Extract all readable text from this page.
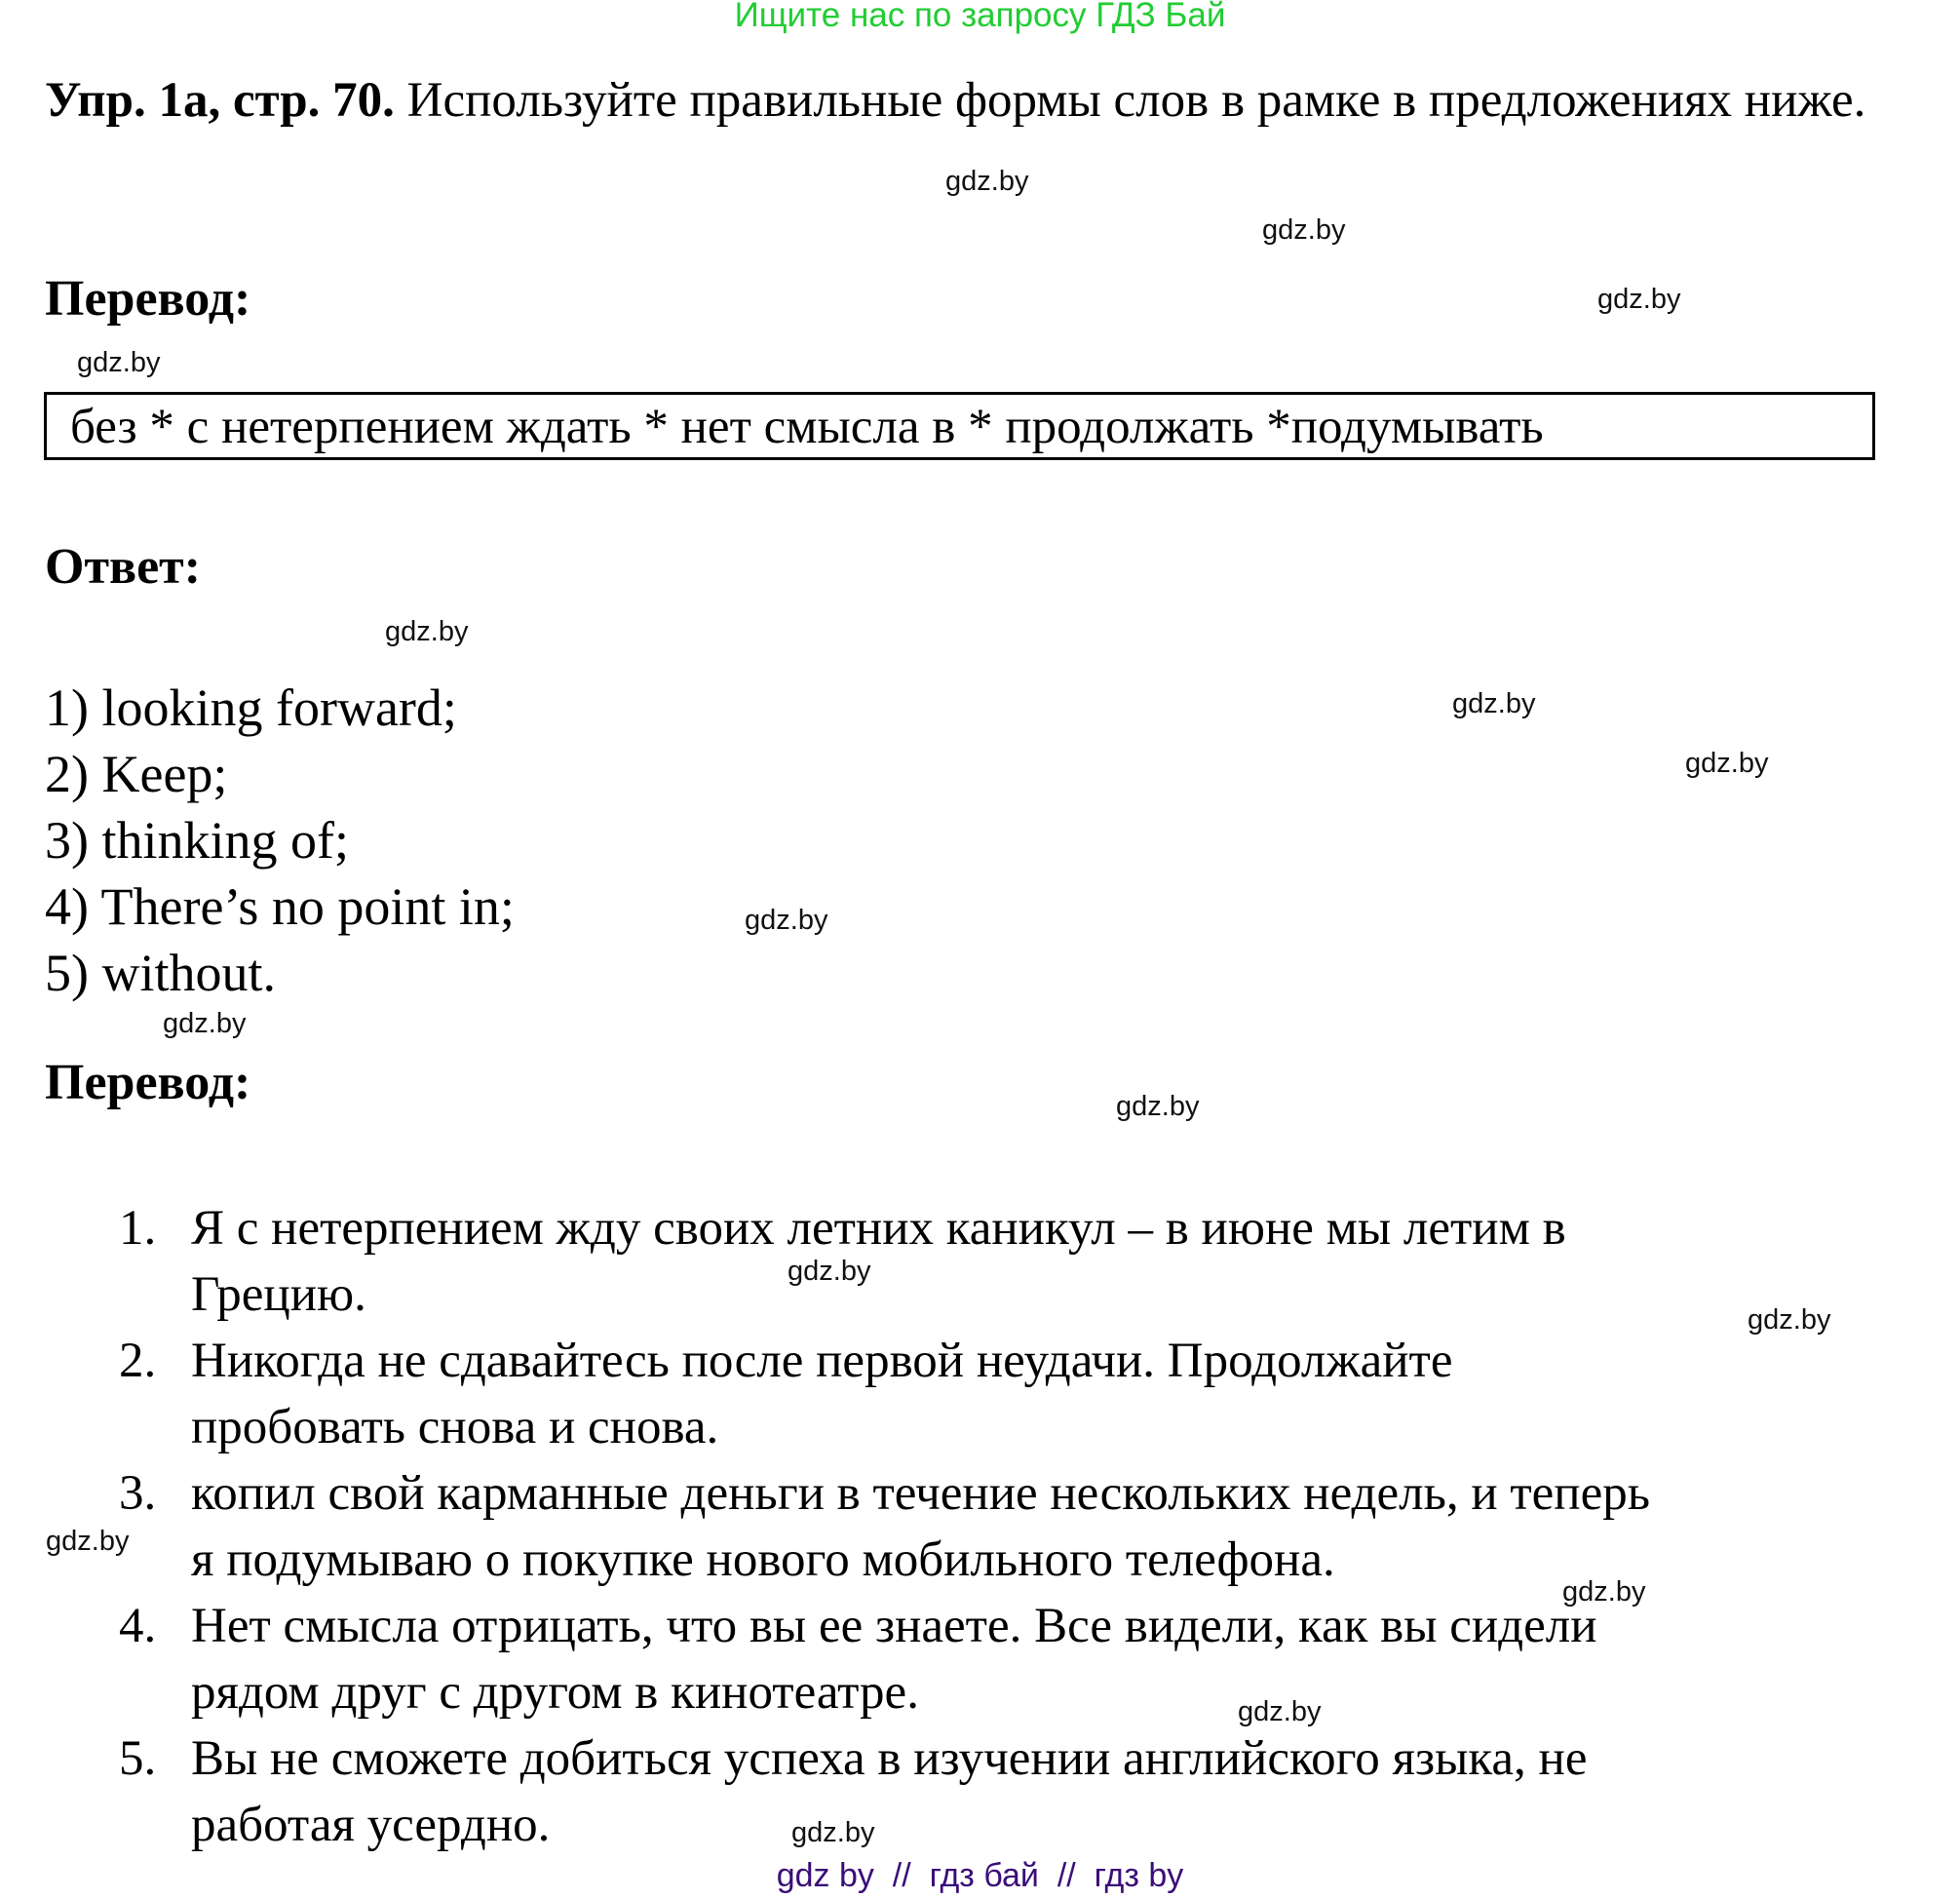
Ищите нас по запросу ГДЗ Бай
Упр. 1а, стр. 70. Используйте правильные формы слов в рамке в предложениях ниже.
Перевод:
без * с нетерпением ждать * нет смысла в * продолжать *подумывать
Ответ:
1) looking forward;
2) Keep;
3) thinking of;
4) There’s no point in;
5) without.
Перевод:
1. Я с нетерпением жду своих летних каникул – в июне мы летим в
Грецию.
2. Никогда не сдавайтесь после первой неудачи. Продолжайте
пробовать снова и снова.
3. копил свой карманные деньги в течение нескольких недель, и теперь
я подумываю о покупке нового мобильного телефона.
4. Нет смысла отрицать, что вы ее знаете. Все видели, как вы сидели
рядом друг с другом в кинотеатре.
5. Вы не сможете добиться успеха в изучении английского языка, не
работая усердно.
gdz.by
gdz.by
gdz.by
gdz.by
gdz.by
gdz.by
gdz.by
gdz.by
gdz.by
gdz.by
gdz.by
gdz.by
gdz.by
gdz.by
gdz.by
gdz.by
gdz by  //  гдз бай  //  гдз by
